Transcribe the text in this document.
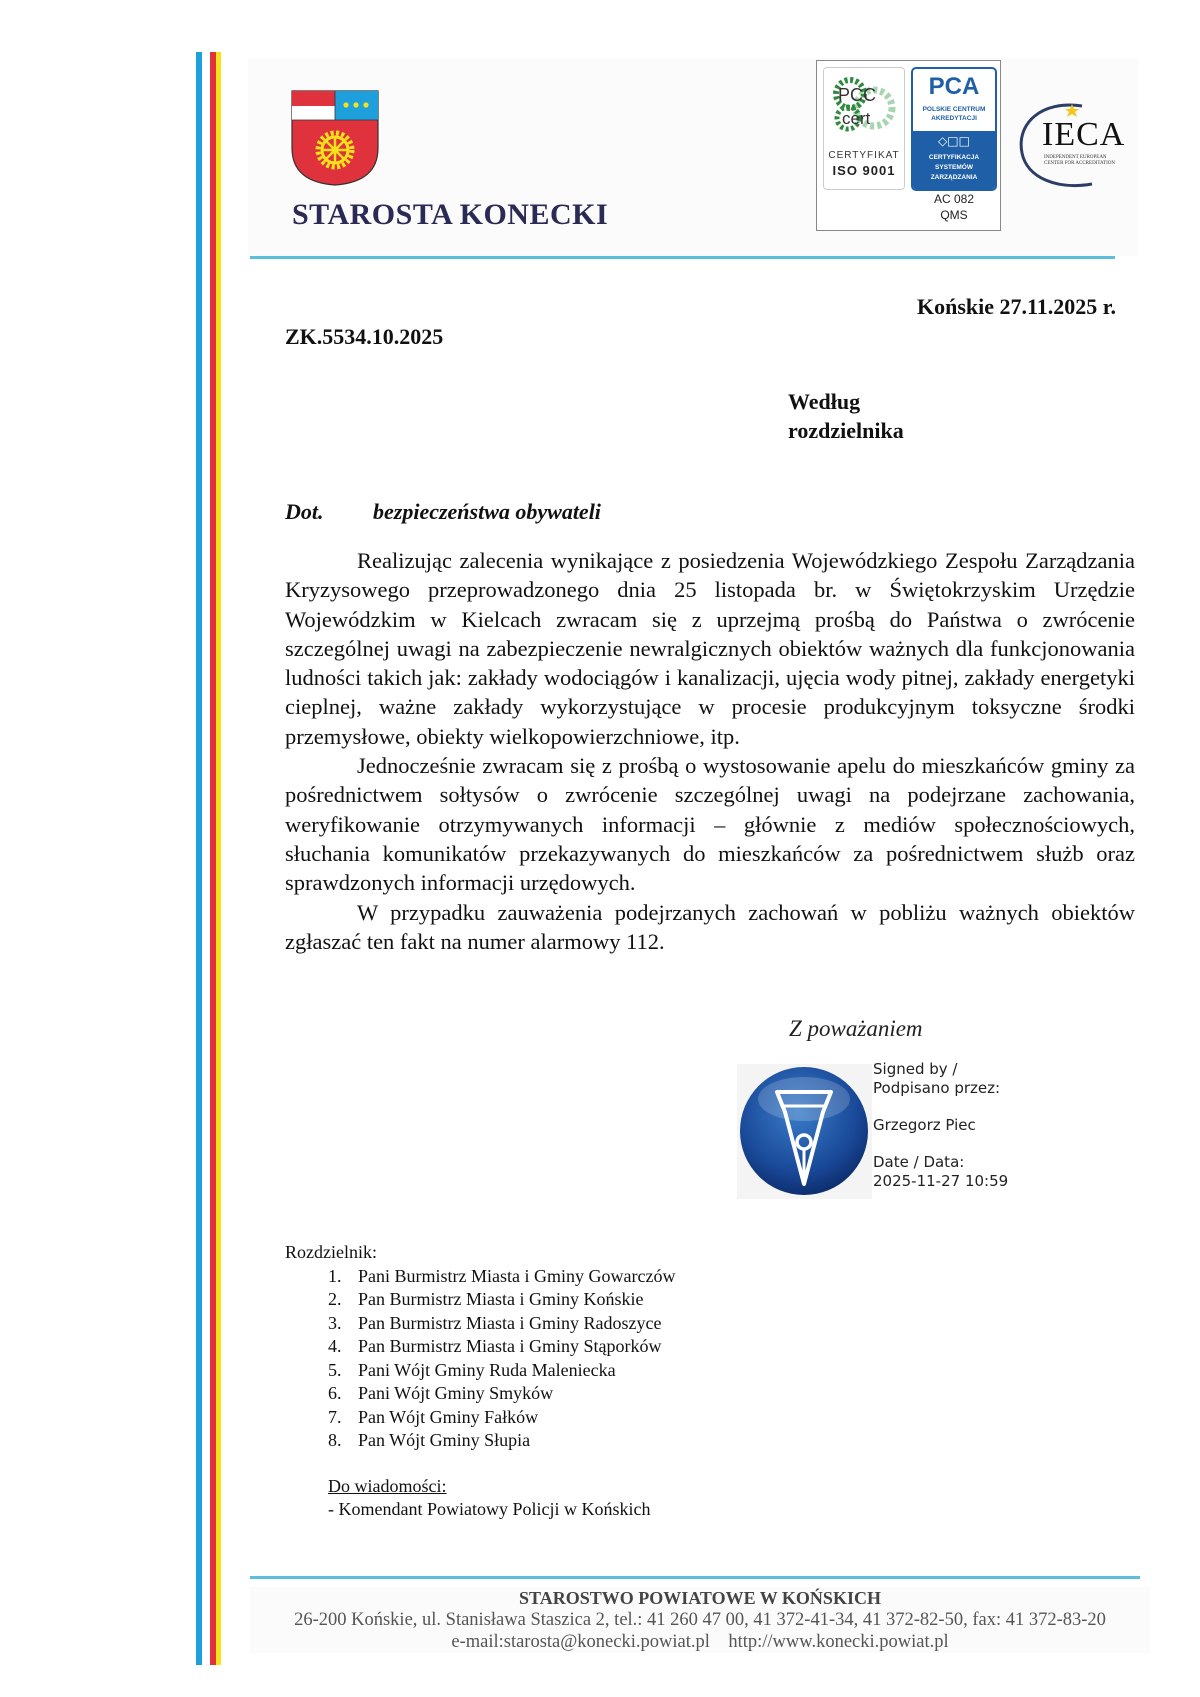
STAROSTA KONECKI
PCC
cert
CERTYFIKAT
ISO 9001
PCA
POLSKIE CENTRUM
AKREDYTACJI
◇□□
CERTYFIKACJA
SYSTEMÓW
ZARZĄDZANIA
AC 082
QMS
IECA
INDEPENDENT EUROPEAN
CENTER FOR ACCREDITATION
Końskie 27.11.2025 r.
ZK.5534.10.2025
Według
rozdzielnika
Dot. bezpieczeństwa obywateli

Realizując zalecenia wynikające z posiedzenia Wojewódzkiego Zespołu Zarządzania Kryzysowego przeprowadzonego dnia 25 listopada br. w Świętokrzyskim Urzędzie Wojewódzkim w Kielcach zwracam się z uprzejmą prośbą do Państwa o zwrócenie szczególnej uwagi na zabezpieczenie newralgicznych obiektów ważnych dla funkcjonowania ludności takich jak: zakłady wodociągów i kanalizacji, ujęcia wody pitnej, zakłady energetyki cieplnej, ważne zakłady wykorzystujące w procesie produkcyjnym toksyczne środki przemysłowe, obiekty wielkopowierzchniowe, itp.

Jednocześnie zwracam się z prośbą o wystosowanie apelu do mieszkańców gminy za pośrednictwem sołtysów o zwrócenie szczególnej uwagi na podejrzane zachowania, weryfikowanie otrzymywanych informacji – głównie z mediów społecznościowych, słuchania komunikatów przekazywanych do mieszkańców za pośrednictwem służb oraz sprawdzonych informacji urzędowych.

W przypadku zauważenia podejrzanych zachowań w pobliżu ważnych obiektów zgłaszać ten fakt na numer alarmowy 112.

Z poważaniem
Signed by /
Podpisano przez:
Grzegorz Piec
Date / Data:
2025-11-27 10:59
Rozdzielnik:
1. Pani Burmistrz Miasta i Gminy Gowarczów
2. Pan Burmistrz Miasta i Gminy Końskie
3. Pan Burmistrz Miasta i Gminy Radoszyce
4. Pan Burmistrz Miasta i Gminy Stąporków
5. Pani Wójt Gminy Ruda Maleniecka
6. Pani Wójt Gminy Smyków
7. Pan Wójt Gminy Fałków
8. Pan Wójt Gminy Słupia
Do wiadomości:
- Komendant Powiatowy Policji w Końskich
STAROSTWO POWIATOWE W KOŃSKICH
26-200 Końskie, ul. Stanisława Staszica 2, tel.: 41 260 47 00, 41 372-41-34, 41 372-82-50, fax: 41 372-83-20
e-mail:starosta@konecki.powiat.pl http://www.konecki.powiat.pl
